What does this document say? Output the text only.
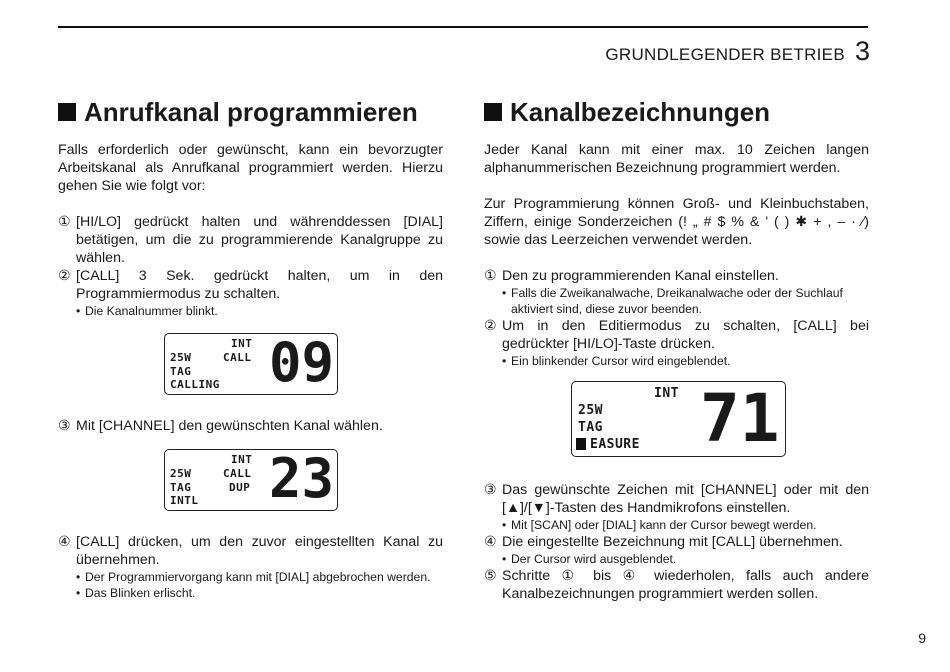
GRUNDLEGENDER BETRIEB 3
Anrufkanal programmieren

Falls erforderlich oder gewünscht, kann ein bevorzugter Arbeitskanal als Anrufkanal programmiert werden. Hierzu gehen Sie wie folgt vor:

① [HI/LO] gedrückt halten und währenddessen [DIAL] betätigen, um die zu programmierende Kanalgruppe zu wählen.
② [CALL] 3 Sek. gedrückt halten, um in den Programmiermodus zu schalten.
• Die Kanalnummer blinkt.
INT
25W	CALL
TAG
CALLING 09
③ Mit [CHANNEL] den gewünschten Kanal wählen.
INT
25W	CALL
TAG	DUP
INTL 23
④ [CALL] drücken, um den zuvor eingestellten Kanal zu übernehmen.
• Der Programmiervorgang kann mit [DIAL] abgebrochen werden.
• Das Blinken erlischt.
Kanalbezeichnungen

Jeder Kanal kann mit einer max. 10 Zeichen langen alphanummerischen Bezeichnung programmiert werden.

Zur Programmierung können Groß- und Kleinbuchstaben, Ziffern, einige Sonderzeichen (! „ # $ % & ' ( ) ✱ + , – · ⁄) sowie das Leerzeichen verwendet werden.

① Den zu programmierenden Kanal einstellen.
• Falls die Zweikanalwache, Dreikanalwache oder der Suchlauf aktiviert sind, diese zuvor beenden.
② Um in den Editiermodus zu schalten, [CALL] bei gedrückter [HI/LO]-Taste drücken.
• Ein blinkender Cursor wird eingeblendet.
INT
25W
TAG
EASURE 71
③ Das gewünschte Zeichen mit [CHANNEL] oder mit den [▲]/[▼]-Tasten des Handmikrofons einstellen.
• Mit [SCAN] oder [DIAL] kann der Cursor bewegt werden.
④ Die eingestellte Bezeichnung mit [CALL] übernehmen.
• Der Cursor wird ausgeblendet.
⑤ Schritte ① bis ④ wiederholen, falls auch andere Kanalbezeichnungen programmiert werden sollen.
9
